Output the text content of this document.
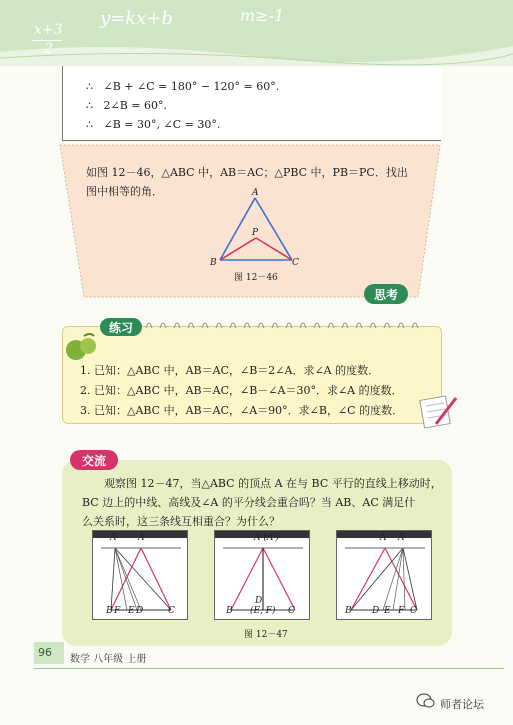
x+3
2
y=kx+b	m≥-1
∴ ∠B + ∠C = 180° − 120° = 60°.
∴ 2∠B = 60°.
∴ ∠B = 30°, ∠C = 30°.
如图 12－46，△ABC 中，AB＝AC；△PBC 中，PB＝PC．找出
图中相等的角．	A
P
B	C
图 12－46
思考
练习
1. 已知：△ABC 中，AB＝AC，∠B＝2∠A．求∠A 的度数．
2. 已知：△ABC 中，AB＝AC，∠B－∠A＝30°．求∠A 的度数．
3. 已知：△ABC 中，AB＝AC，∠A＝90°．求∠B，∠C 的度数．
交流
观察图 12－47，当△ABC 的顶点 A 在与 BC 平行的直线上移动时，
BC 边上的中线、高线及∠A 的平分线会重合吗？当 AB、AC 满足什
么关系时，这三条线互相重合？为什么？
A′ A
B F E D	C
A (A′)
D
B (E, F) C
A A′
B D E F C
图 12－47
96
数学 八年级 上册
师者论坛
